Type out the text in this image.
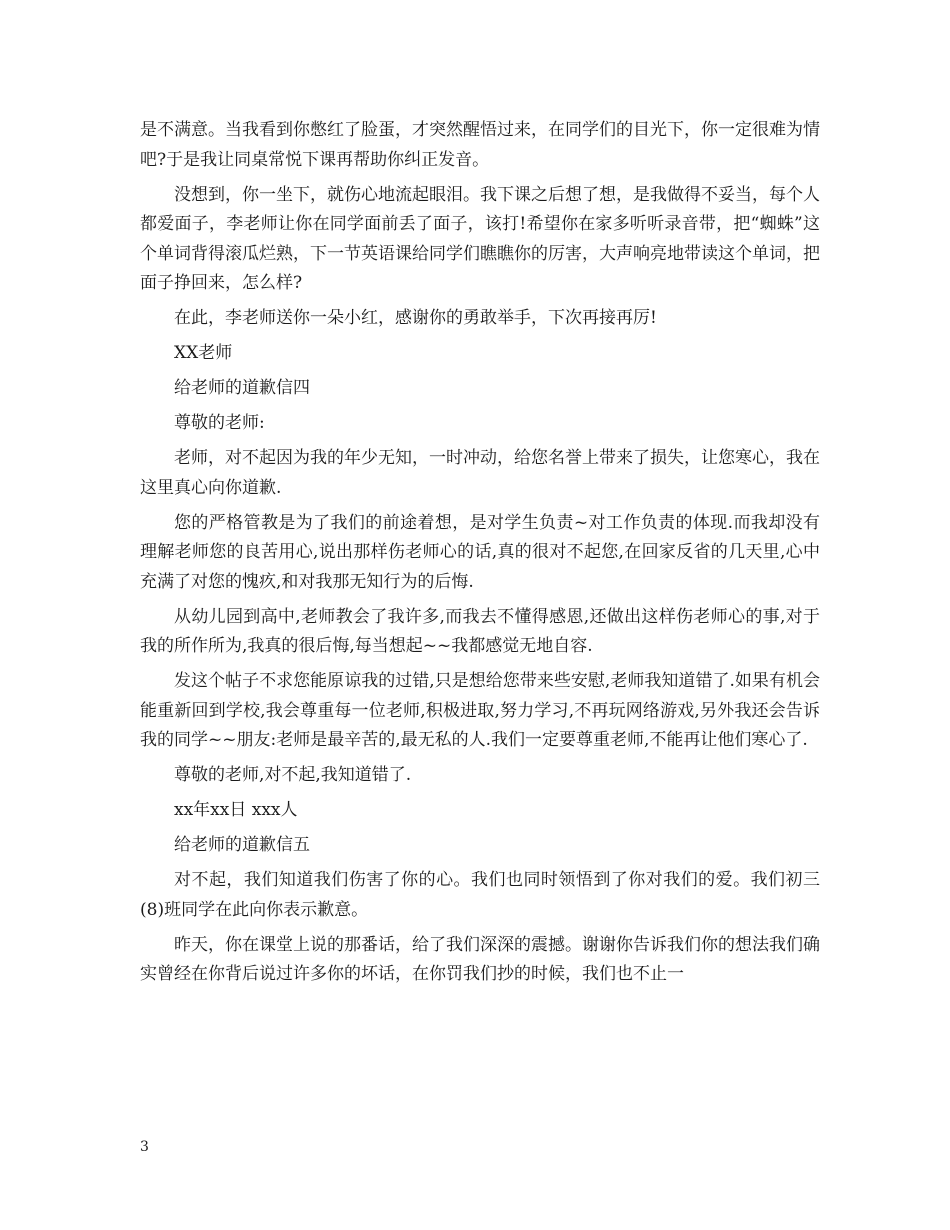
是不满意。当我看到你憋红了脸蛋，才突然醒悟过来，在同学们的目光下，你一定很难为情吧?于是我让同桌常悦下课再帮助你纠正发音。

没想到，你一坐下，就伤心地流起眼泪。我下课之后想了想，是我做得不妥当，每个人都爱面子，李老师让你在同学面前丢了面子，该打!希望你在家多听听录音带，把“蜘蛛”这个单词背得滚瓜烂熟，下一节英语课给同学们瞧瞧你的厉害，大声响亮地带读这个单词，把面子挣回来，怎么样?

在此，李老师送你一朵小红，感谢你的勇敢举手，下次再接再厉!

XX老师

给老师的道歉信四

尊敬的老师:

老师，对不起因为我的年少无知，一时冲动，给您名誉上带来了损失，让您寒心，我在这里真心向你道歉.

您的严格管教是为了我们的前途着想，是对学生负责~对工作负责的体现.而我却没有理解老师您的良苦用心,说出那样伤老师心的话,真的很对不起您,在回家反省的几天里,心中充满了对您的愧疚,和对我那无知行为的后悔.

从幼儿园到高中,老师教会了我许多,而我去不懂得感恩,还做出这样伤老师心的事,对于我的所作所为,我真的很后悔,每当想起~~我都感觉无地自容.

发这个帖子不求您能原谅我的过错,只是想给您带来些安慰,老师我知道错了.如果有机会能重新回到学校,我会尊重每一位老师,积极进取,努力学习,不再玩网络游戏,另外我还会告诉我的同学~~朋友:老师是最辛苦的,最无私的人.我们一定要尊重老师,不能再让他们寒心了.

尊敬的老师,对不起,我知道错了.

xx年xx日 xxx人

给老师的道歉信五

对不起，我们知道我们伤害了你的心。我们也同时领悟到了你对我们的爱。我们初三(8)班同学在此向你表示歉意。

昨天，你在课堂上说的那番话，给了我们深深的震撼。谢谢你告诉我们你的想法我们确实曾经在你背后说过许多你的坏话，在你罚我们抄的时候，我们也不止一

3
